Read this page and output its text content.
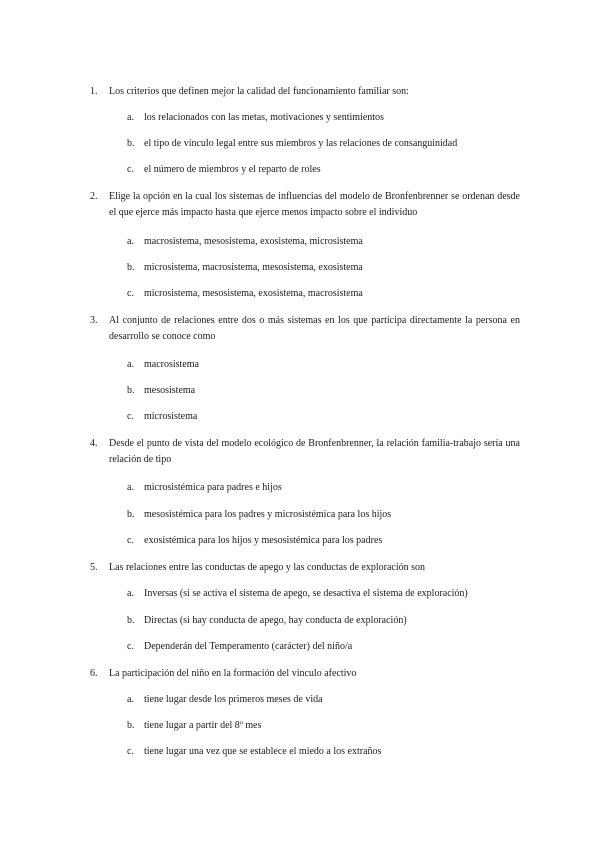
1. Los criterios que definen mejor la calidad del funcionamiento familiar son:
a. los relacionados con las metas, motivaciones y sentimientos
b. el tipo de vínculo legal entre sus miembros y las relaciones de consanguinidad
c. el número de miembros y el reparto de roles
2. Elige la opción en la cual los sistemas de influencias del modelo de Bronfenbrenner se ordenan desde el que ejerce más impacto hasta que ejerce menos impacto sobre el individuo
a. macrosistema, mesosistema, exosistema, microsistema
b. microsistema, macrosistema, mesosistema, exosistema
c. microsistema, mesosistema, exosistema, macrosistema
3. Al conjunto de relaciones entre dos o más sistemas en los que participa directamente la persona en desarrollo se conoce como
a. macrosistema
b. mesosistema
c. microsistema
4. Desde el punto de vista del modelo ecológico de Bronfenbrenner, la relación familia-trabajo sería una relación de tipo
a. microsistémica para padres e hijos
b. mesosistémica para los padres y microsistémica para los hijos
c. exosistémica para los hijos y mesosistémica para los padres
5. Las relaciones entre las conductas de apego y las conductas de exploración son
a. Inversas (si se activa el sistema de apego, se desactiva el sistema de exploración)
b. Directas (si hay conducta de apego, hay conducta de exploración)
c. Dependerán del Temperamento (carácter) del niño/a
6. La participación del niño en la formación del vínculo afectivo
a. tiene lugar desde los primeros meses de vida
b. tiene lugar a partir del 8º mes
c. tiene lugar una vez que se establece el miedo a los extraños
